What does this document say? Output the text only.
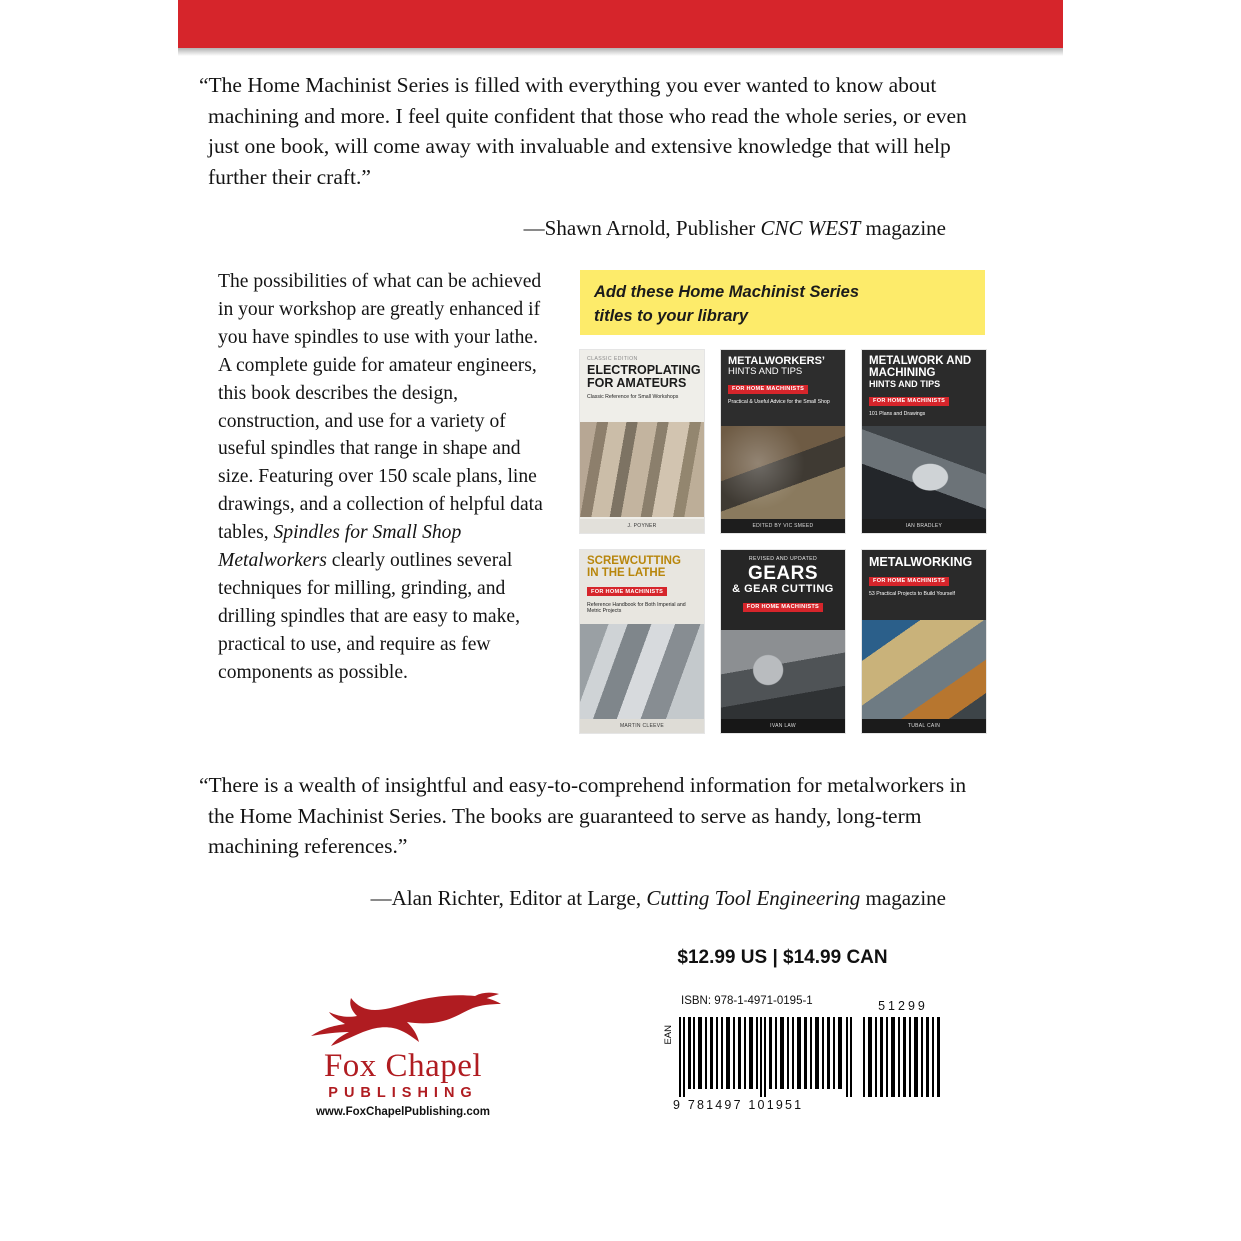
“The Home Machinist Series is filled with everything you ever wanted to know about machining and more. I feel quite confident that those who read the whole series, or even just one book, will come away with invaluable and extensive knowledge that will help further their craft.”

—Shawn Arnold, Publisher CNC WEST magazine

The possibilities of what can be achieved in your workshop are greatly enhanced if you have spindles to use with your lathe. A complete guide for amateur engineers, this book describes the design, construction, and use for a variety of useful spindles that range in shape and size. Featuring over 150 scale plans, line drawings, and a collection of helpful data tables, Spindles for Small Shop Metalworkers clearly outlines several techniques for milling, grinding, and drilling spindles that are easy to make, practical to use, and require as few components as possible.
Add these Home Machinist Series
titles to your library
CLASSIC EDITION
ELECTROPLATING
FOR AMATEURS
Classic Reference for Small Workshops
J. POYNER
METALWORKERS’
HINTS AND TIPS
FOR HOME MACHINISTS
Practical & Useful Advice for the Small Shop
EDITED BY VIC SMEED
METALWORK AND MACHINING
HINTS AND TIPS
FOR HOME MACHINISTS
101 Plans and Drawings
IAN BRADLEY
SCREWCUTTING
IN THE LATHE
FOR HOME MACHINISTS
Reference Handbook for Both Imperial and Metric Projects
MARTIN CLEEVE
REVISED AND UPDATED
GEARS
& GEAR CUTTING
FOR HOME MACHINISTS
IVAN LAW
METALWORKING
FOR HOME MACHINISTS
53 Practical Projects to Build Yourself
TUBAL CAIN

“There is a wealth of insightful and easy-to-comprehend information for metalworkers in the Home Machinist Series. The books are guaranteed to serve as handy, long-term machining references.”

—Alan Richter, Editor at Large, Cutting Tool Engineering magazine

$12.99 US | $14.99 CAN
Fox Chapel
PUBLISHING
www.FoxChapelPublishing.com
ISBN: 978-1-4971-0195-1
EAN
9 781497 101951
51299
